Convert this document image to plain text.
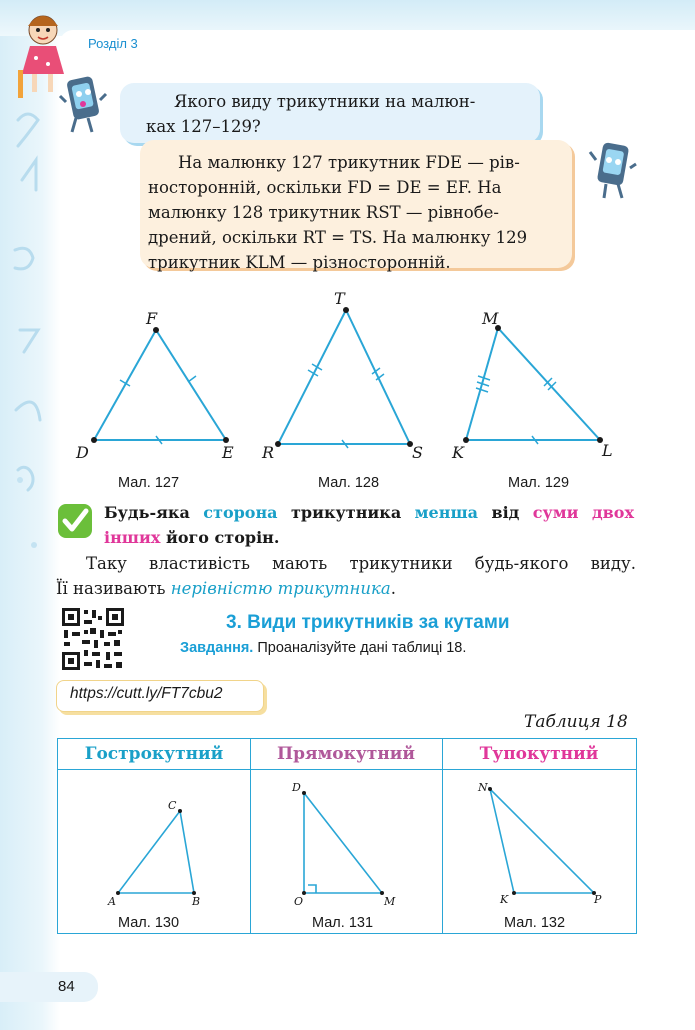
Розділ 3
Якого виду трикутники на малюн-
ках 127–129?
На малюнку 127 трикутник FDE — рів-
носторонній, оскільки FD = DE = EF. На
малюнку 128 трикутник RST — рівнобе-
дрений, оскільки RT = TS. На малюнку 129
трикутник KLM — різносторонній.
F
D	E
T
R	S
M
K	L
Мал. 127	Мал. 128	Мал. 129
Будь-яка сторона трикутника менша від суми двох
інших його сторін.
Таку властивість мають трикутники будь-якого виду.
Її називають нерівністю трикутника.
3. Види трикутників за кутами
Завдання. Проаналізуйте дані таблиці 18.
https://cutt.ly/FT7cbu2
Таблиця 18
Гострокутний	Прямокутний	Тупокутний
C
A	B
D
O	M
N
K	P
Мал. 130	Мал. 131	Мал. 132
84
